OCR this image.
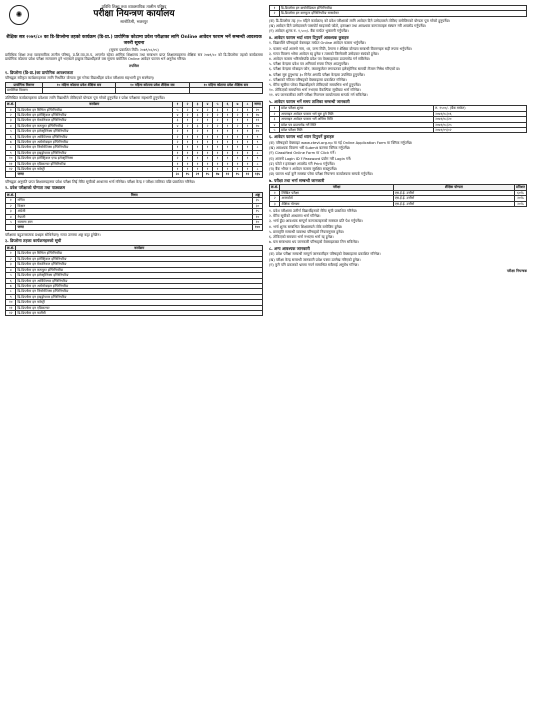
✺
प्रविधि शिक्षा तथा व्यावसायिक तालीम परिषद्
परीक्षा नियन्त्रण कार्यालय
सानोठिमी, भक्तपुर
शैक्षिक सत्र २०७९/८० का डि-डिप्लोमा तहको कार्यक्रम (डि-प्रा.) प्रायोगिक कोटामा प्रवेश परीक्षाका लागि Online आवेदन फाराम भर्ने सम्बन्धी आवश्यक जरुरी सूचना
(सूचना प्रकाशित मिति: २०७९/०८/०५)

प्राविधिक शिक्षा तथा व्यावसायिक तालीम परिषद्, प्र.शि.व्या.ता.प. अन्तर्गत रहेका आंगिक शिक्षालय तथा सम्बन्धन प्राप्त शिक्षालयहरुमा शैक्षिक सत्र २०७९/८० को डि-डिप्लोमा तहको कार्यक्रममा प्रायोगिक कोटामा प्रवेश परीक्षा सञ्चालन हुने भएकाले इच्छुक विद्यार्थीहरुले यस सूचना बमोजिम Online आवेदन फाराम भर्न अनुरोध गरिन्छ।

तपसिल
१. डिप्लोमा (डि-प्रा.)का प्रायोगिक आवश्यकता

परिषद्बाट स्वीकृत कार्यक्रमहरुका लागि निर्धारित योग्यता पूरा गरेका विद्यार्थीहरु प्रवेश परीक्षामा सहभागी हुन सक्नेछन्।

प्रायोगिक विवरण	१० महिना कोटामा प्रवेश शैक्षिक सत्र	१० महिना कोटामा प्रवेश शैक्षिक सत्र	१० महिना कोटामा प्रवेश शैक्षिक सत्र
प्रायोगिक विवरण			

उल्लिखित कार्यक्रमहरुमा प्रवेशका लागि विद्यार्थीले तोकिएको योग्यता पूरा गरेको हुनुपर्नेछ र प्रवेश परीक्षामा सहभागी हुनुपर्नेछ।

क्र.सं.	कार्यक्रम	१	२	३	४	५	६	७	८	जम्मा
१	डि-डिप्लोमा इन सिभिल इन्जिनियरिङ	५	२	४	२	३	१	२	१	२०
२	डि-डिप्लोमा इन इलेक्ट्रिकल इन्जिनियरिङ	४	२	३	२	२	१	२	१	१७
३	डि-डिप्लोमा इन मेकानिकल इन्जिनियरिङ	३	१	२	१	२	१	१	१	१२
४	डि-डिप्लोमा इन कम्प्युटर इन्जिनियरिङ	४	२	३	२	२	१	२	१	१७
५	डि-डिप्लोमा इन इलेक्ट्रोनिक्स इन्जिनियरिङ	२	१	२	१	१	१	१	१	१०
६	डि-डिप्लोमा इन आर्किटेक्चर इन्जिनियरिङ	२	१	१	१	१	१	१	१	९
७	डि-डिप्लोमा इन अटोमोबाइल इन्जिनियरिङ	२	१	१	१	१	१	१	१	९
८	डि-डिप्लोमा इन जियोमेटिक्स इन्जिनियरिङ	१	१	१	१	१	१	१	१	८
९	डि-डिप्लोमा इन हाइड्रोपावर इन्जिनियरिङ	१	१	१	१	१	१	१	१	८
१०	डि-डिप्लोमा इन इलेक्ट्रिकल एण्ड इलेक्ट्रोनिक्स	२	१	१	१	१	१	१	१	९
११	डि-डिप्लोमा इन एग्रिकल्चर इन्जिनियरिङ	१	१	१	१	१	१	१	१	८
१२	डि-डिप्लोमा इन फरेस्ट्री	१	१	१	१	१	१	१	१	८
	जम्मा	२८	१५	२१	१५	१७	१२	१५	१२	१३५

परिषद्बाट अनुमति प्राप्त शिक्षालयहरुमा प्रवेश परीक्षा लिई मेरिट सूचीको आधारमा भर्ना गरिनेछ। परीक्षा केन्द्र र परीक्षा तालिका पछि प्रकाशित गरिनेछ।

२. प्रवेश परीक्षाको योग्यता तथा पाठ्यक्रम
क्र.सं.	विषय	अङ्क
१	गणित	३५
२	विज्ञान	३०
३	अंग्रेजी	१५
४	नेपाली	१०
५	सामान्य ज्ञान	१०
	जम्मा	१००

परीक्षामा बहुउत्तरात्मक प्रश्नहरु सोधिनेछन्। गलत उत्तरमा अङ्क कट्टा हुनेछैन।

३. डिप्लोमा तहका कार्यक्रमहरुको सूची
क्र.सं.	कार्यक्रम
१	डि-डिप्लोमा इन सिभिल इन्जिनियरिङ
२	डि-डिप्लोमा इन इलेक्ट्रिकल इन्जिनियरिङ
३	डि-डिप्लोमा इन मेकानिकल इन्जिनियरिङ
४	डि-डिप्लोमा इन कम्प्युटर इन्जिनियरिङ
५	डि-डिप्लोमा इन इलेक्ट्रोनिक्स इन्जिनियरिङ
६	डि-डिप्लोमा इन आर्किटेक्चर इन्जिनियरिङ
७	डि-डिप्लोमा इन अटोमोबाइल इन्जिनियरिङ
८	डि-डिप्लोमा इन जियोमेटिक्स इन्जिनियरिङ
९	डि-डिप्लोमा इन हाइड्रोपावर इन्जिनियरिङ
१०	डि-डिप्लोमा इन फरेस्ट्री
११	डि-डिप्लोमा इन एग्रिकल्चर
१२	डि-डिप्लोमा इन फार्मेसी
१	डि-डिप्लोमा इन बायोमेडिकल इन्जिनियरिङ
२	डि-डिप्लोमा इन कम्प्युटर इन्जिनियरिङ सफ्टवेयर
(क) डि-डिप्लोमा तह (१० महिने कार्यक्रम) को प्रवेश परीक्षाको लागि आवेदन दिने उम्मेदवारले तोकिए बमोजिमको योग्यता पूरा गरेको हुनुपर्नेछ।
(ख) आवेदन दिने उम्मेदवारले पासपोर्ट साइजको फोटो, हस्ताक्षर तथा आवश्यक कागजातहरु स्क्यान गरी अपलोड गर्नुपर्नेछ।
(ग) आवेदन शुल्क रु. १,५००/- बैंक मार्फत भुक्तानी गर्नुपर्नेछ।
४. आवेदन फाराम भर्दा ध्यान दिनुपर्ने आवश्यक कुराहरु
१. विद्यार्थीले परिषद्को वेबसाइट मार्फत Online आवेदन फाराम भर्नुपर्नेछ।
२. फाराम भर्दा आफ्नो नाम, थर, जन्म मिति, ठेगाना र शैक्षिक योग्यता सम्बन्धी विवरणहरु सही रुपमा भर्नुपर्नेछ।
३. गलत विवरण भरेमा आवेदन रद्द हुनेछ र त्यसको जिम्मेवारी उम्मेदवार स्वयंको हुनेछ।
४. आवेदन फाराम भरिसकेपछि प्रवेश पत्र वेबसाइटबाट डाउनलोड गर्न सकिनेछ।
५. परीक्षा केन्द्रमा प्रवेश पत्र अनिवार्य रुपमा लिएर आउनुपर्नेछ।
६. परीक्षा केन्द्रमा मोबाइल फोन, क्याल्कुलेटर लगायतका इलेक्ट्रोनिक सामग्री लैजान निषेध गरिएको छ।
७. परीक्षा सुरु हुनुभन्दा ३० मिनेट अगाडि परीक्षा केन्द्रमा उपस्थित हुनुपर्नेछ।
८. परीक्षाको नतिजा परिषद्को वेबसाइटमा प्रकाशित गरिनेछ।
९. मेरिट सूचीमा परेका विद्यार्थीहरुले तोकिएको समयभित्र भर्ना हुनुपर्नेछ।
१०. तोकिएको समयभित्र भर्ना नभएमा वैकल्पिक सूचीबाट भर्ना गरिनेछ।
११. थप जानकारीका लागि परीक्षा नियन्त्रण कार्यालयमा सम्पर्क गर्न सकिनेछ।
५. आवेदन फाराम भर्ने समय तालिका सम्बन्धी जानकारी
१	प्रवेश परीक्षा शुल्क	रु. १५००/- (बैंक मार्फत)
२	अनलाइन आवेदन फाराम भर्न सुरु हुने मिति	२०७९/०८/०६
३	अनलाइन आवेदन फाराम भर्ने अन्तिम मिति	२०७९/०८/२०
४	प्रवेश पत्र डाउनलोड गर्ने मिति	२०७९/०८/२५
५	प्रवेश परीक्षा मिति	२०७९/०९/०२
६. आवेदन फाराम भर्दा ध्यान दिनुपर्ने कुराहरु
(क) परिषद्को वेबसाइट www.ctevt.org.np मा गई Online Application Form मा क्लिक गर्नुपर्नेछ।
(ख) आवश्यक विवरण भरी Submit बटनमा क्लिक गर्नुपर्नेछ।
(ग) Classified Online Form मा Click गर्ने।
(घ) आफ्नो Login ID र Password प्रयोग गरी Login गर्ने।
(ङ) फोटो र हस्ताक्षर अपलोड गरी Print गर्नुपर्नेछ।
(च) बैंक भौचर र आवेदन फाराम सुरक्षित राख्नुपर्नेछ।
(छ) फाराम भर्दा कुनै समस्या परेमा परीक्षा नियन्त्रण कार्यालयमा सम्पर्क गर्नुपर्नेछ।
७. परीक्षा तथा भर्ना सम्बन्धी जानकारी
क्र.सं.	परीक्षा	शैक्षिक योग्यता	प्रतिशत
१	लिखित परीक्षा	एस.ई.ई. उत्तीर्ण	६०%
२	अन्तर्वार्ता	एस.ई.ई. उत्तीर्ण	२०%
३	शैक्षिक योग्यता	एस.ई.ई. उत्तीर्ण	२०%
१. प्रवेश परीक्षामा उत्तीर्ण विद्यार्थीहरुको मेरिट सूची प्रकाशित गरिनेछ।
२. मेरिट सूचीको आधारमा भर्ना गरिनेछ।
३. भर्ना हुँदा आवश्यक सम्पूर्ण कागजातहरुको सक्कल प्रति पेश गर्नुपर्नेछ।
४. भर्ना शुल्क सम्बन्धित शिक्षालयले तोके बमोजिम हुनेछ।
५. छात्रवृत्ति सम्बन्धी व्यवस्था परिषद्को नियमानुसार हुनेछ।
६. तोकिएको समयमा भर्ना नभएमा भर्ना रद्द हुनेछ।
७. यस सम्बन्धमा थप जानकारी परिषद्को वेबसाइटबाट लिन सकिनेछ।
८. अन्य आवश्यक जानकारी
(क) प्रवेश परीक्षा सम्बन्धी सम्पूर्ण जानकारीहरु परिषद्को वेबसाइटमा प्रकाशित गरिनेछ।
(ख) परीक्षा केन्द्र सम्बन्धी जानकारी प्रवेश पत्रमा उल्लेख गरिएको हुनेछ।
(ग) कुनै पनि प्रकारको भ्रममा नपर्न सम्बन्धित सबैलाई अनुरोध गरिन्छ।
परीक्षा नियन्त्रक
